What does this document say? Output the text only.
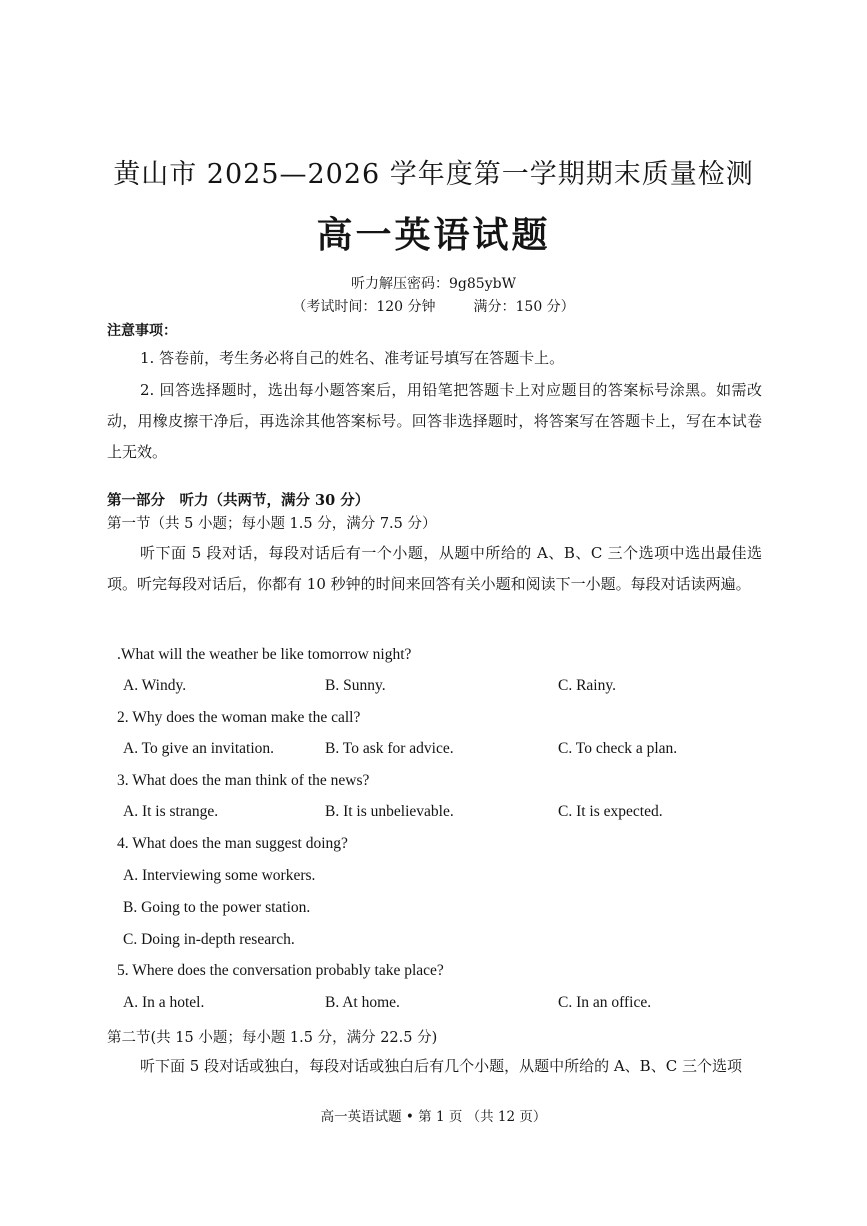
黄山市 2025—2026 学年度第一学期期末质量检测
高一英语试题
听力解压密码：9g85ybW
（考试时间：120 分钟	满分：150 分）
注意事项：
1. 答卷前，考生务必将自己的姓名、准考证号填写在答题卡上。
2. 回答选择题时，选出每小题答案后，用铅笔把答题卡上对应题目的答案标号涂黑。如需改动，用橡皮擦干净后，再选涂其他答案标号。回答非选择题时，将答案写在答题卡上，写在本试卷上无效。
第一部分　听力（共两节，满分 30 分）
第一节（共 5 小题；每小题 1.5 分，满分 7.5 分）
听下面 5 段对话，每段对话后有一个小题，从题中所给的 A、B、C 三个选项中选出最佳选项。听完每段对话后，你都有 10 秒钟的时间来回答有关小题和阅读下一小题。每段对话读两遍。
.What will the weather be like tomorrow night?
A. Windy.	B. Sunny.	C. Rainy.
2. Why does the woman make the call?
A. To give an invitation.	B. To ask for advice.	C. To check a plan.
3. What does the man think of the news?
A. It is strange.	B. It is unbelievable.	C. It is expected.
4. What does the man suggest doing?
A. Interviewing some workers.
B. Going to the power station.
C. Doing in-depth research.
5. Where does the conversation probably take place?
A. In a hotel.	B. At home.	C. In an office.
第二节(共 15 小题；每小题 1.5 分，满分 22.5 分)
听下面 5 段对话或独白，每段对话或独白后有几个小题，从题中所给的 A、B、C 三个选项
高一英语试题 • 第 1 页 （共 12 页）
